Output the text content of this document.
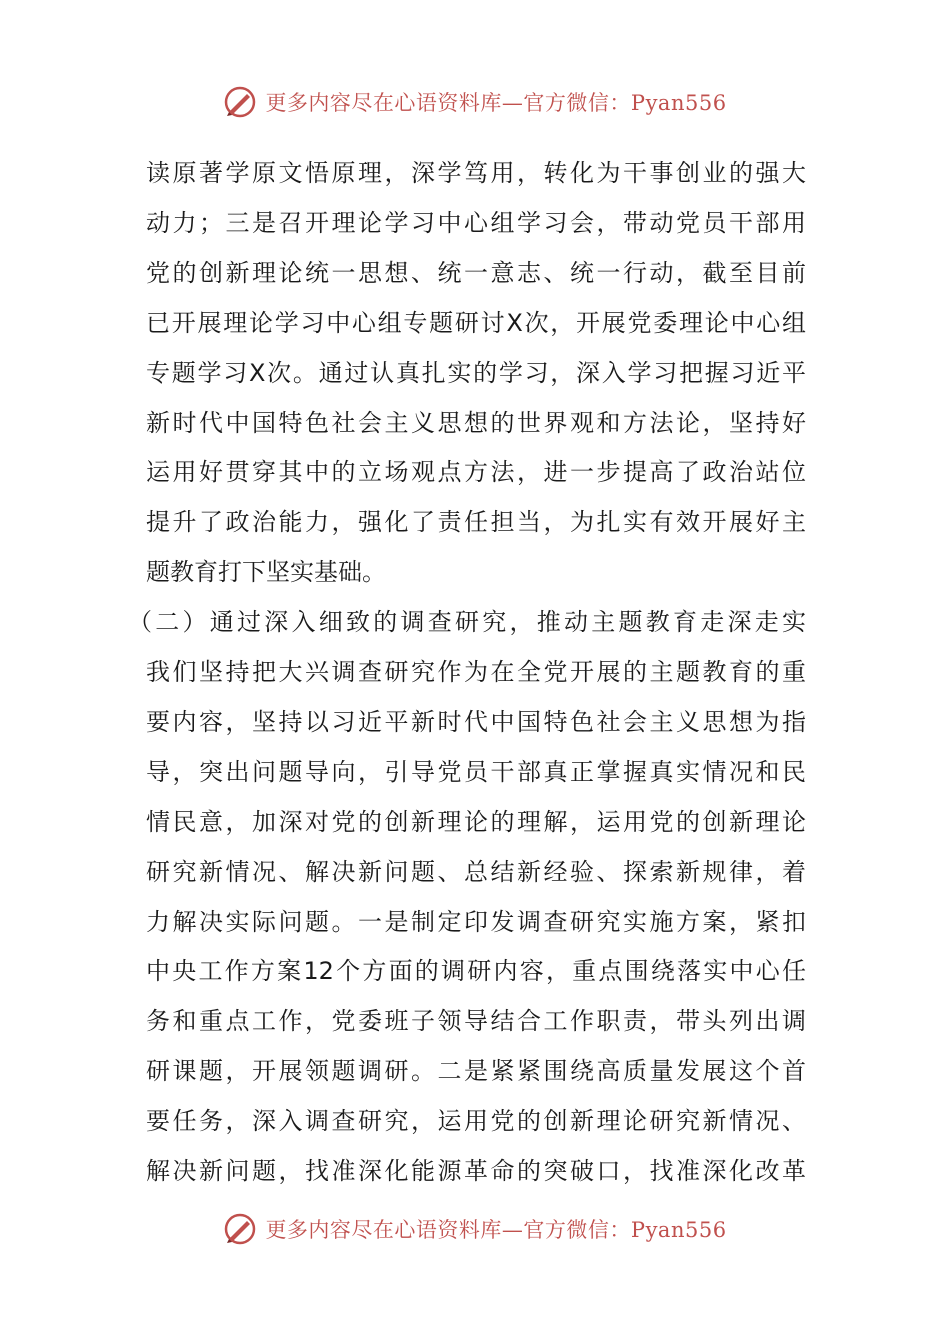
更多内容尽在心语资料库—官方微信：Pyan556
读原著学原文悟原理，深学笃用，转化为干事创业的强大
动力；三是召开理论学习中心组学习会，带动党员干部用
党的创新理论统一思想、统一意志、统一行动，截至目前
已开展理论学习中心组专题研讨X次，开展党委理论中心组
专题学习X次。通过认真扎实的学习，深入学习把握习近平
新时代中国特色社会主义思想的世界观和方法论，坚持好
运用好贯穿其中的立场观点方法，进一步提高了政治站位
提升了政治能力，强化了责任担当，为扎实有效开展好主
题教育打下坚实基础。
（二）通过深入细致的调查研究，推动主题教育走深走实
我们坚持把大兴调查研究作为在全党开展的主题教育的重
要内容，坚持以习近平新时代中国特色社会主义思想为指
导，突出问题导向，引导党员干部真正掌握真实情况和民
情民意，加深对党的创新理论的理解，运用党的创新理论
研究新情况、解决新问题、总结新经验、探索新规律，着
力解决实际问题。一是制定印发调查研究实施方案，紧扣
中央工作方案12个方面的调研内容，重点围绕落实中心任
务和重点工作，党委班子领导结合工作职责，带头列出调
研课题，开展领题调研。二是紧紧围绕高质量发展这个首
要任务，深入调查研究，运用党的创新理论研究新情况、
解决新问题，找准深化能源革命的突破口，找准深化改革
更多内容尽在心语资料库—官方微信：Pyan556
